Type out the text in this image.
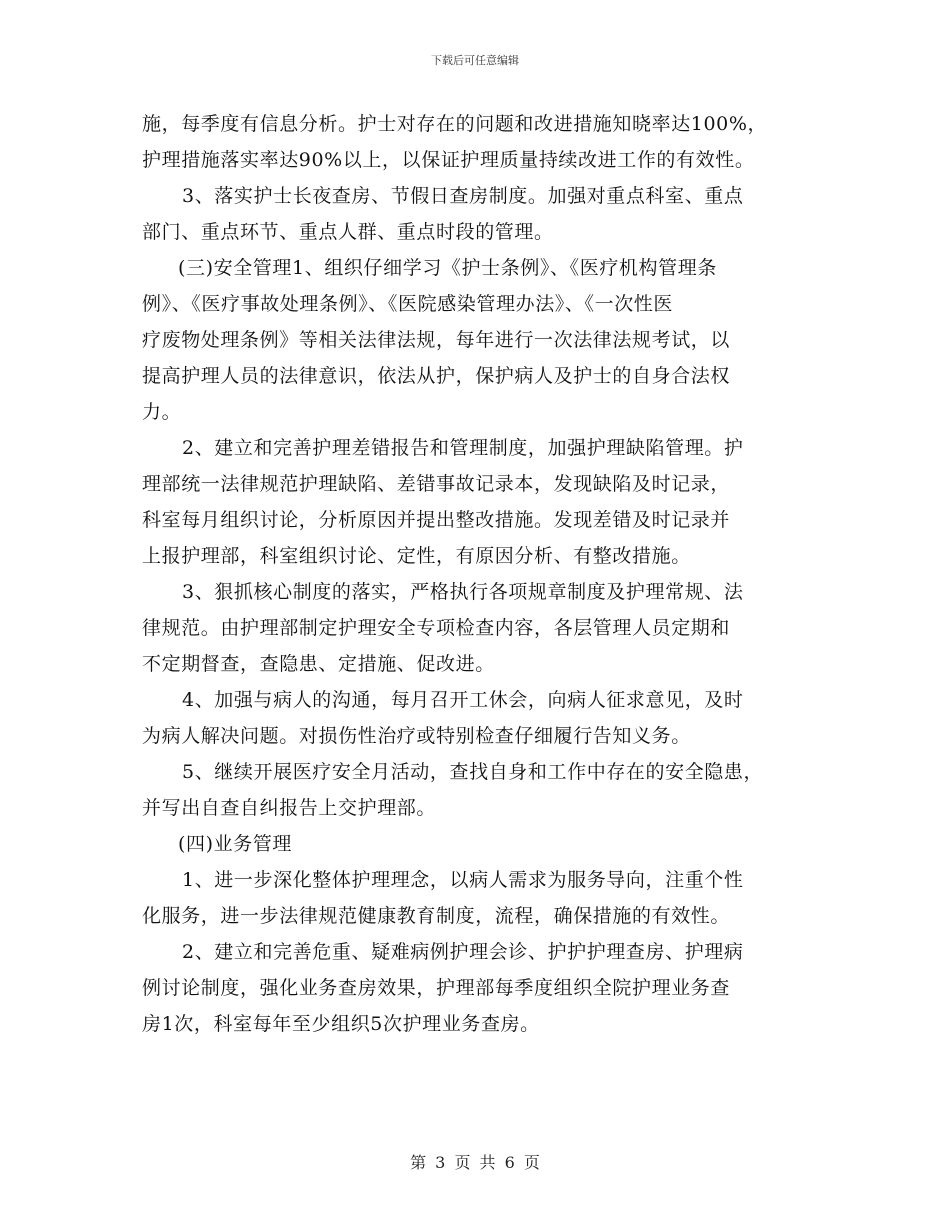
下载后可任意编辑
施，每季度有信息分析。护士对存在的问题和改进措施知晓率达100%，
护理措施落实率达90%以上，以保证护理质量持续改进工作的有效性。
3、落实护士长夜查房、节假日查房制度。加强对重点科室、重点
部门、重点环节、重点人群、重点时段的管理。
(三)安全管理1、组织仔细学习《护士条例》、《医疗机构管理条
例》、《医疗事故处理条例》、《医院感染管理办法》、《一次性医
疗废物处理条例》等相关法律法规，每年进行一次法律法规考试，以
提高护理人员的法律意识，依法从护，保护病人及护士的自身合法权
力。
2、建立和完善护理差错报告和管理制度，加强护理缺陷管理。护
理部统一法律规范护理缺陷、差错事故记录本，发现缺陷及时记录，
科室每月组织讨论，分析原因并提出整改措施。发现差错及时记录并
上报护理部，科室组织讨论、定性，有原因分析、有整改措施。
3、狠抓核心制度的落实，严格执行各项规章制度及护理常规、法
律规范。由护理部制定护理安全专项检查内容，各层管理人员定期和
不定期督查，查隐患、定措施、促改进。
4、加强与病人的沟通，每月召开工休会，向病人征求意见，及时
为病人解决问题。对损伤性治疗或特别检查仔细履行告知义务。
5、继续开展医疗安全月活动，查找自身和工作中存在的安全隐患，
并写出自查自纠报告上交护理部。
(四)业务管理
1、进一步深化整体护理理念，以病人需求为服务导向，注重个性
化服务，进一步法律规范健康教育制度，流程，确保措施的有效性。
2、建立和完善危重、疑难病例护理会诊、护护护理查房、护理病
例讨论制度，强化业务查房效果，护理部每季度组织全院护理业务查
房1次，科室每年至少组织5次护理业务查房。
第 3 页 共 6 页
